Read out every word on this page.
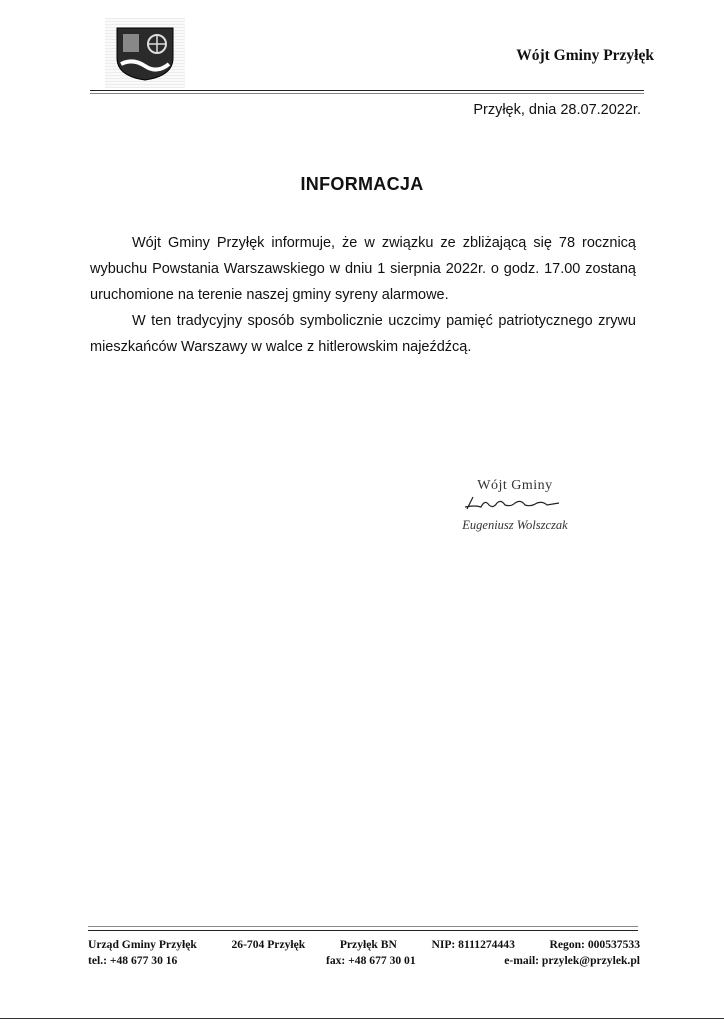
Wójt Gminy Przyłęk
Przyłęk, dnia 28.07.2022r.
INFORMACJA

Wójt Gminy Przyłęk informuje, że w związku ze zbliżającą się 78 rocznicą wybuchu Powstania Warszawskiego w dniu 1 sierpnia 2022r. o godz. 17.00 zostaną uruchomione na terenie naszej gminy syreny alarmowe.

W ten tradycyjny sposób symbolicznie uczcimy pamięć patriotycznego zrywu mieszkańców Warszawy w walce z hitlerowskim najeźdźcą.

Wójt Gminy
Eugeniusz Wolszczak
Urząd Gminy Przyłęk	26-704 Przyłęk	Przyłęk BN	NIP: 8111274443	Regon: 000537533
tel.: +48 677 30 16	fax: +48 677 30 01	e-mail: przylek@przylek.pl
